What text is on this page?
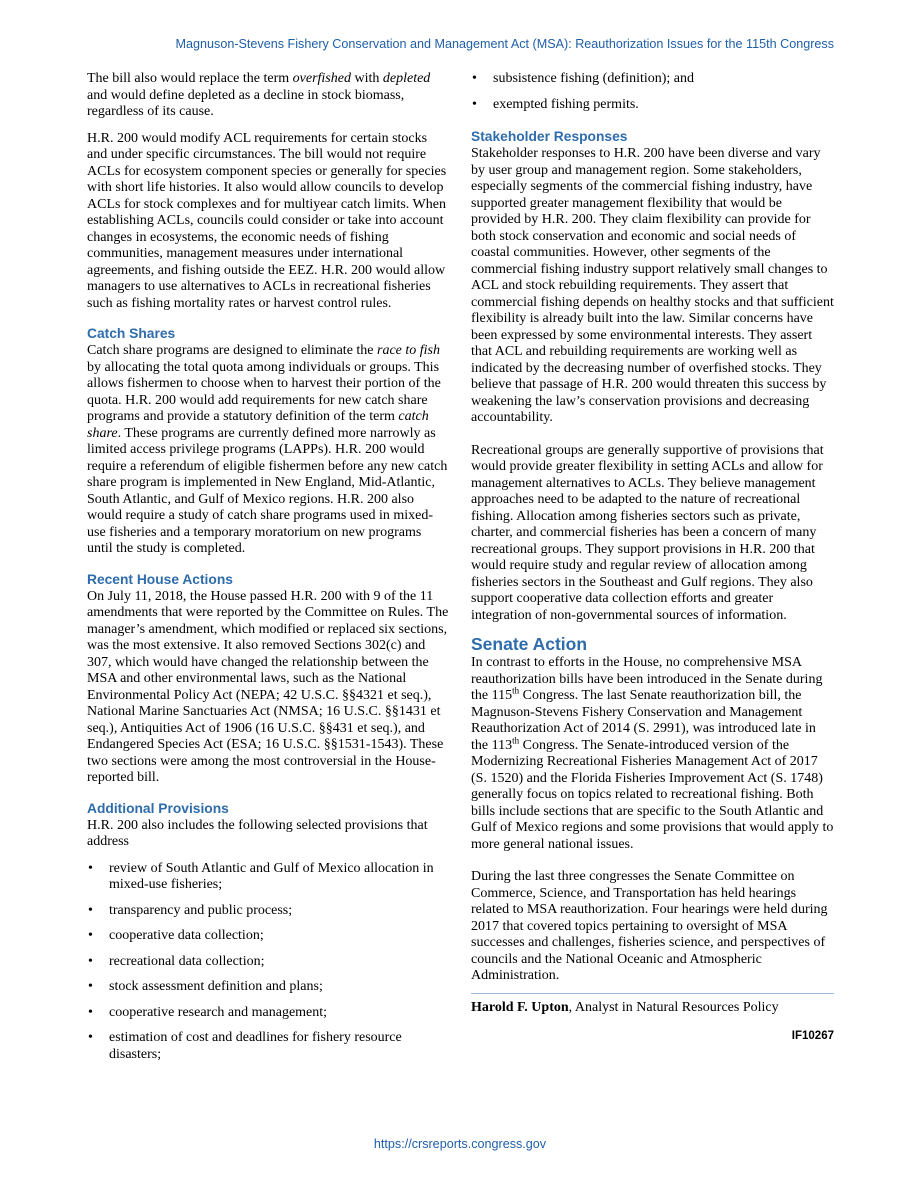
Magnuson-Stevens Fishery Conservation and Management Act (MSA): Reauthorization Issues for the 115th Congress

The bill also would replace the term overfished with depleted and would define depleted as a decline in stock biomass, regardless of its cause.

H.R. 200 would modify ACL requirements for certain stocks and under specific circumstances. The bill would not require ACLs for ecosystem component species or generally for species with short life histories. It also would allow councils to develop ACLs for stock complexes and for multiyear catch limits. When establishing ACLs, councils could consider or take into account changes in ecosystems, the economic needs of fishing communities, management measures under international agreements, and fishing outside the EEZ. H.R. 200 would allow managers to use alternatives to ACLs in recreational fisheries such as fishing mortality rates or harvest control rules.

Catch Shares

Catch share programs are designed to eliminate the race to fish by allocating the total quota among individuals or groups. This allows fishermen to choose when to harvest their portion of the quota. H.R. 200 would add requirements for new catch share programs and provide a statutory definition of the term catch share. These programs are currently defined more narrowly as limited access privilege programs (LAPPs). H.R. 200 would require a referendum of eligible fishermen before any new catch share program is implemented in New England, Mid-Atlantic, South Atlantic, and Gulf of Mexico regions. H.R. 200 also would require a study of catch share programs used in mixed-use fisheries and a temporary moratorium on new programs until the study is completed.

Recent House Actions

On July 11, 2018, the House passed H.R. 200 with 9 of the 11 amendments that were reported by the Committee on Rules. The manager’s amendment, which modified or replaced six sections, was the most extensive. It also removed Sections 302(c) and 307, which would have changed the relationship between the MSA and other environmental laws, such as the National Environmental Policy Act (NEPA; 42 U.S.C. §§4321 et seq.), National Marine Sanctuaries Act (NMSA; 16 U.S.C. §§1431 et seq.), Antiquities Act of 1906 (16 U.S.C. §§431 et seq.), and Endangered Species Act (ESA; 16 U.S.C. §§1531-1543). These two sections were among the most controversial in the House-reported bill.

Additional Provisions

H.R. 200 also includes the following selected provisions that address

• review of South Atlantic and Gulf of Mexico allocation in mixed-use fisheries;
• transparency and public process;
• cooperative data collection;
• recreational data collection;
• stock assessment definition and plans;
• cooperative research and management;
• estimation of cost and deadlines for fishery resource disasters;
• subsistence fishing (definition); and
• exempted fishing permits.
Stakeholder Responses

Stakeholder responses to H.R. 200 have been diverse and vary by user group and management region. Some stakeholders, especially segments of the commercial fishing industry, have supported greater management flexibility that would be provided by H.R. 200. They claim flexibility can provide for both stock conservation and economic and social needs of coastal communities. However, other segments of the commercial fishing industry support relatively small changes to ACL and stock rebuilding requirements. They assert that commercial fishing depends on healthy stocks and that sufficient flexibility is already built into the law. Similar concerns have been expressed by some environmental interests. They assert that ACL and rebuilding requirements are working well as indicated by the decreasing number of overfished stocks. They believe that passage of H.R. 200 would threaten this success by weakening the law’s conservation provisions and decreasing accountability.

Recreational groups are generally supportive of provisions that would provide greater flexibility in setting ACLs and allow for management alternatives to ACLs. They believe management approaches need to be adapted to the nature of recreational fishing. Allocation among fisheries sectors such as private, charter, and commercial fisheries has been a concern of many recreational groups. They support provisions in H.R. 200 that would require study and regular review of allocation among fisheries sectors in the Southeast and Gulf regions. They also support cooperative data collection efforts and greater integration of non-governmental sources of information.

Senate Action

In contrast to efforts in the House, no comprehensive MSA reauthorization bills have been introduced in the Senate during the 115th Congress. The last Senate reauthorization bill, the Magnuson-Stevens Fishery Conservation and Management Reauthorization Act of 2014 (S. 2991), was introduced late in the 113th Congress. The Senate-introduced version of the Modernizing Recreational Fisheries Management Act of 2017 (S. 1520) and the Florida Fisheries Improvement Act (S. 1748) generally focus on topics related to recreational fishing. Both bills include sections that are specific to the South Atlantic and Gulf of Mexico regions and some provisions that would apply to more general national issues.

During the last three congresses the Senate Committee on Commerce, Science, and Transportation has held hearings related to MSA reauthorization. Four hearings were held during 2017 that covered topics pertaining to oversight of MSA successes and challenges, fisheries science, and perspectives of councils and the National Oceanic and Atmospheric Administration.

Harold F. Upton, Analyst in Natural Resources Policy
IF10267
https://crsreports.congress.gov
